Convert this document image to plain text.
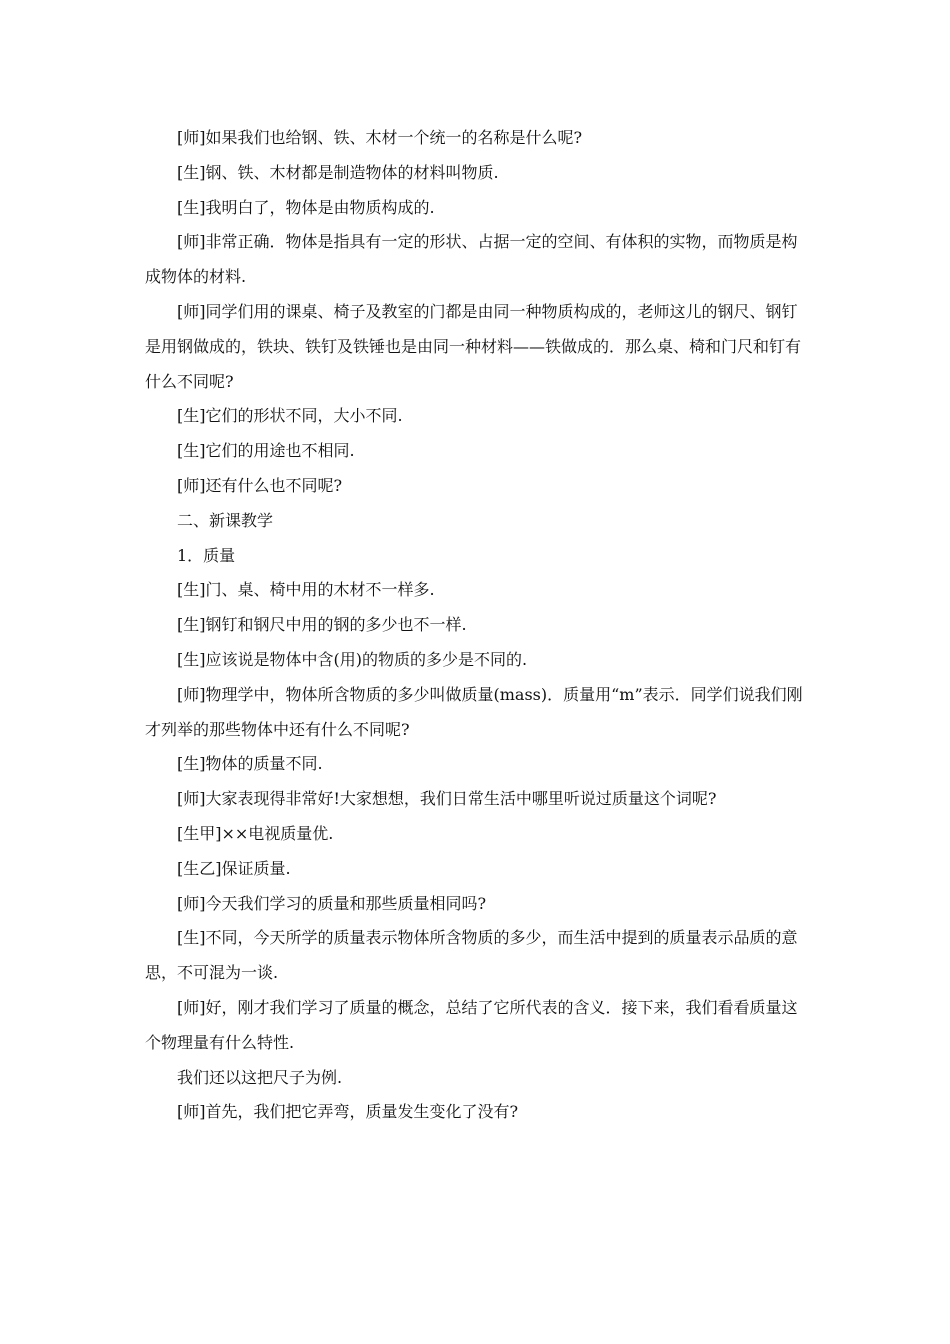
[师]如果我们也给钢、铁、木材一个统一的名称是什么呢?

[生]钢、铁、木材都是制造物体的材料叫物质.

[生]我明白了，物体是由物质构成的.

[师]非常正确．物体是指具有一定的形状、占据一定的空间、有体积的实物，而物质是构成物体的材料.

[师]同学们用的课桌、椅子及教室的门都是由同一种物质构成的，老师这儿的钢尺、钢钉是用钢做成的，铁块、铁钉及铁锤也是由同一种材料——铁做成的．那么桌、椅和门尺和钉有什么不同呢?

[生]它们的形状不同，大小不同.

[生]它们的用途也不相同.

[师]还有什么也不同呢?

二、新课教学

1．质量

[生]门、桌、椅中用的木材不一样多.

[生]钢钉和钢尺中用的钢的多少也不一样.

[生]应该说是物体中含(用)的物质的多少是不同的.

[师]物理学中，物体所含物质的多少叫做质量(mass)．质量用“m”表示．同学们说我们刚才列举的那些物体中还有什么不同呢?

[生]物体的质量不同.

[师]大家表现得非常好!大家想想，我们日常生活中哪里听说过质量这个词呢?

[生甲]××电视质量优.

[生乙]保证质量.

[师]今天我们学习的质量和那些质量相同吗?

[生]不同，今天所学的质量表示物体所含物质的多少，而生活中提到的质量表示品质的意思，不可混为一谈.

[师]好，刚才我们学习了质量的概念，总结了它所代表的含义．接下来，我们看看质量这个物理量有什么特性.

我们还以这把尺子为例.

[师]首先，我们把它弄弯，质量发生变化了没有?
